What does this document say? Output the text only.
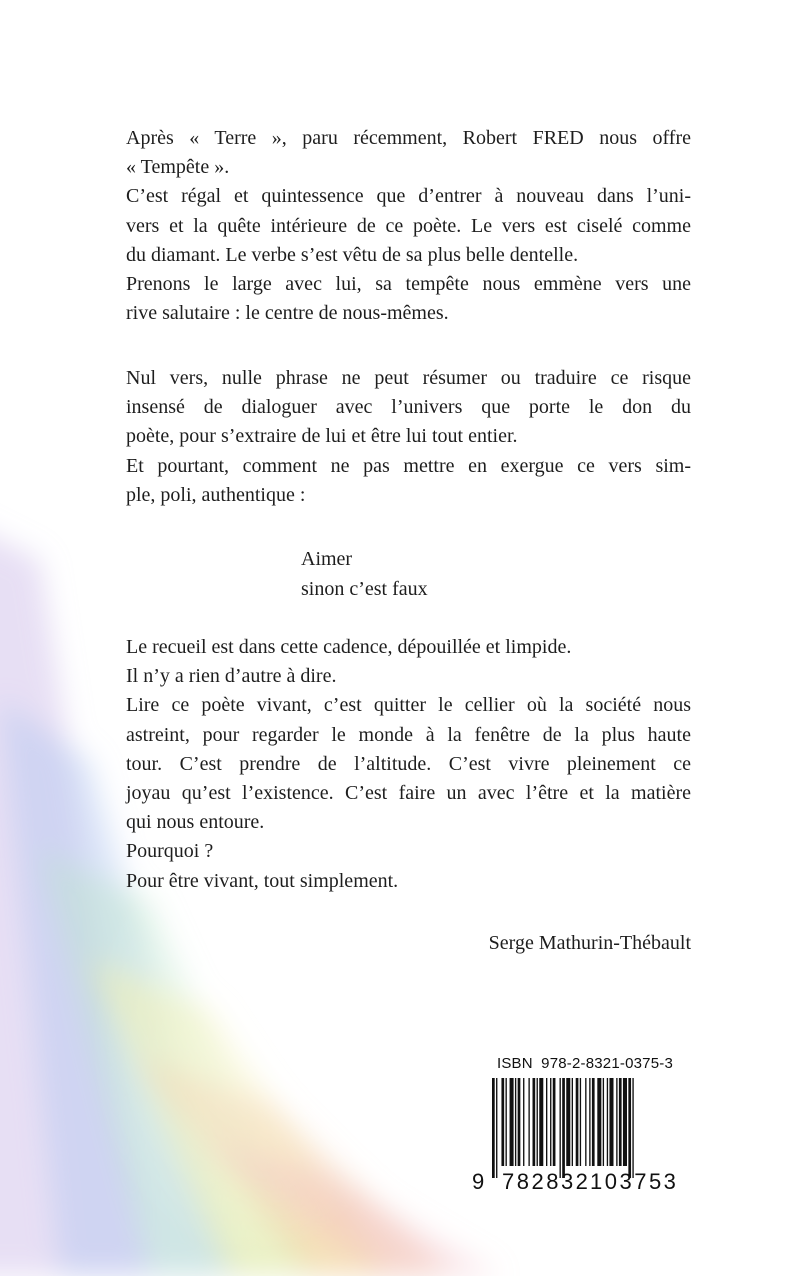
Après « Terre », paru récemment, Robert FRED nous offre
« Tempête ».
C’est régal et quintessence que d’entrer à nouveau dans l’uni-
vers et la quête intérieure de ce poète. Le vers est ciselé comme
du diamant. Le verbe s’est vêtu de sa plus belle dentelle.
Prenons le large avec lui, sa tempête nous emmène vers une
rive salutaire : le centre de nous-mêmes.

Nul vers, nulle phrase ne peut résumer ou traduire ce risque
insensé de dialoguer avec l’univers que porte le don du
poète, pour s’extraire de lui et être lui tout entier.
Et pourtant, comment ne pas mettre en exergue ce vers sim-
ple, poli, authentique :

Aimer
sinon c’est faux

Le recueil est dans cette cadence, dépouillée et limpide.
Il n’y a rien d’autre à dire.
Lire ce poète vivant, c’est quitter le cellier où la société nous
astreint, pour regarder le monde à la fenêtre de la plus haute
tour. C’est prendre de l’altitude. C’est vivre pleinement ce
joyau qu’est l’existence. C’est faire un avec l’être et la matière
qui nous entoure.
Pourquoi ?
Pour être vivant, tout simplement.

Serge Mathurin-Thébault
ISBN 978-2-8321-0375-3
9 782832 103753
